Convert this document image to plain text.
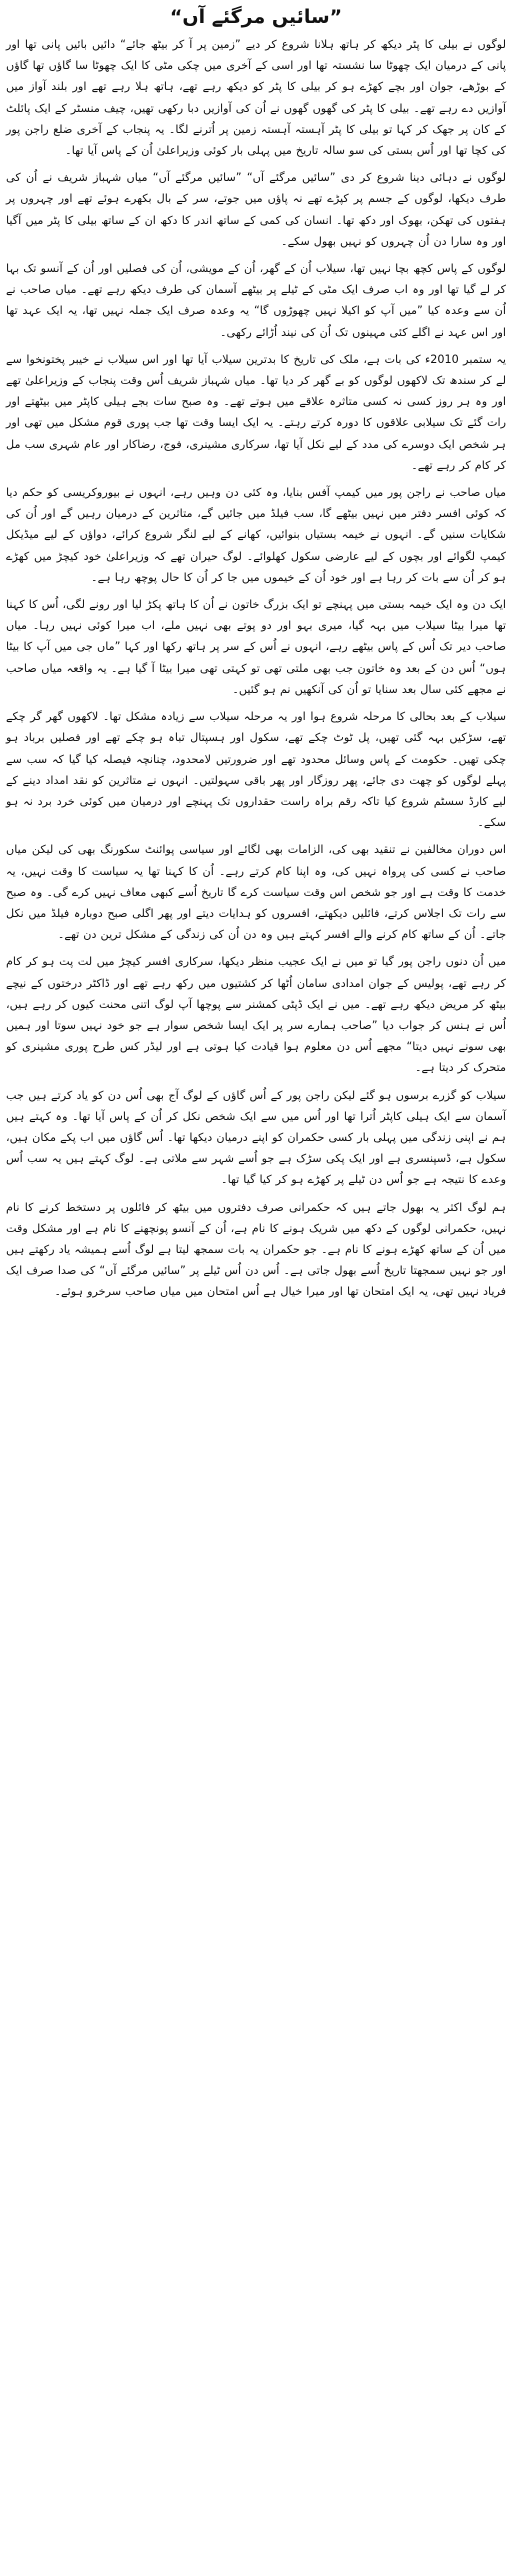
”سائیں مرگئے آں“

لوگوں نے بیلی کا پٹر دیکھ کر ہاتھ ہلانا شروع کر دیے ”زمین پر آ کر بیٹھ جائے“ دائیں بائیں پانی تھا اور پانی کے درمیان ایک چھوٹا سا نشستہ تھا اور اسی کے آخری میں چکی مٹی کا ایک چھوٹا سا گاؤں تھا گاؤں کے بوڑھے، جوان اور بچے کھڑے ہو کر بیلی کا پٹر کو دیکھ رہے تھے، ہاتھ ہلا رہے تھے اور بلند آواز میں آوازیں دے رہے تھے۔ بیلی کا پٹر کی گھوں گھوں نے اُن کی آوازیں دبا رکھی تھیں، چیف منسٹر کے ایک پائلٹ کے کان پر جھک کر کہا تو بیلی کا پٹر آہستہ آہستہ زمین پر اُترنے لگا۔ یہ پنجاب کے آخری ضلع راجن پور کی کچا تھا اور اُس بستی کی سو سالہ تاریخ میں پہلی بار کوئی وزیراعلیٰ اُن کے پاس آیا تھا۔

لوگوں نے دہائی دینا شروع کر دی ”سائیں مرگئے آں“ ”سائیں مرگئے آں“ میاں شہباز شریف نے اُن کی طرف دیکھا، لوگوں کے جسم پر کپڑے تھے نہ پاؤں میں جوتے، سر کے بال بکھرے ہوئے تھے اور چہروں پر ہفتوں کی تھکن، بھوک اور دکھ تھا۔ انسان کی کمی کے ساتھ اندر کا دکھ ان کے ساتھ بیلی کا پٹر میں آگیا اور وہ سارا دن اُن چہروں کو نہیں بھول سکے۔

لوگوں کے پاس کچھ بچا نہیں تھا، سیلاب اُن کے گھر، اُن کے مویشی، اُن کی فصلیں اور اُن کے آنسو تک بہا کر لے گیا تھا اور وہ اب صرف ایک مٹی کے ٹیلے پر بیٹھے آسمان کی طرف دیکھ رہے تھے۔ میاں صاحب نے اُن سے وعدہ کیا ”میں آپ کو اکیلا نہیں چھوڑوں گا“ یہ وعدہ صرف ایک جملہ نہیں تھا، یہ ایک عہد تھا اور اس عہد نے اگلے کئی مہینوں تک اُن کی نیند اُڑائے رکھی۔

یہ ستمبر 2010ء کی بات ہے، ملک کی تاریخ کا بدترین سیلاب آیا تھا اور اس سیلاب نے خیبر پختونخوا سے لے کر سندھ تک لاکھوں لوگوں کو بے گھر کر دیا تھا۔ میاں شہباز شریف اُس وقت پنجاب کے وزیراعلیٰ تھے اور وہ ہر روز کسی نہ کسی متاثرہ علاقے میں ہوتے تھے۔ وہ صبح سات بجے ہیلی کاپٹر میں بیٹھتے اور رات گئے تک سیلابی علاقوں کا دورہ کرتے رہتے۔ یہ ایک ایسا وقت تھا جب پوری قوم مشکل میں تھی اور ہر شخص ایک دوسرے کی مدد کے لیے نکل آیا تھا، سرکاری مشینری، فوج، رضاکار اور عام شہری سب مل کر کام کر رہے تھے۔

میاں صاحب نے راجن پور میں کیمپ آفس بنایا، وہ کئی دن وہیں رہے، انہوں نے بیوروکریسی کو حکم دیا کہ کوئی افسر دفتر میں نہیں بیٹھے گا، سب فیلڈ میں جائیں گے، متاثرین کے درمیان رہیں گے اور اُن کی شکایات سنیں گے۔ انہوں نے خیمہ بستیاں بنوائیں، کھانے کے لیے لنگر شروع کرائے، دواؤں کے لیے میڈیکل کیمپ لگوائے اور بچوں کے لیے عارضی سکول کھلوائے۔ لوگ حیران تھے کہ وزیراعلیٰ خود کیچڑ میں کھڑے ہو کر اُن سے بات کر رہا ہے اور خود اُن کے خیموں میں جا کر اُن کا حال پوچھ رہا ہے۔

ایک دن وہ ایک خیمہ بستی میں پہنچے تو ایک بزرگ خاتون نے اُن کا ہاتھ پکڑ لیا اور رونے لگی، اُس کا کہنا تھا میرا بیٹا سیلاب میں بہہ گیا، میری بہو اور دو پوتے بھی نہیں ملے، اب میرا کوئی نہیں رہا۔ میاں صاحب دیر تک اُس کے پاس بیٹھے رہے، انہوں نے اُس کے سر پر ہاتھ رکھا اور کہا ”ماں جی میں آپ کا بیٹا ہوں“ اُس دن کے بعد وہ خاتون جب بھی ملتی تھی تو کہتی تھی میرا بیٹا آ گیا ہے۔ یہ واقعہ میاں صاحب نے مجھے کئی سال بعد سنایا تو اُن کی آنکھیں نم ہو گئیں۔

سیلاب کے بعد بحالی کا مرحلہ شروع ہوا اور یہ مرحلہ سیلاب سے زیادہ مشکل تھا۔ لاکھوں گھر گر چکے تھے، سڑکیں بہہ گئی تھیں، پل ٹوٹ چکے تھے، سکول اور ہسپتال تباہ ہو چکے تھے اور فصلیں برباد ہو چکی تھیں۔ حکومت کے پاس وسائل محدود تھے اور ضرورتیں لامحدود، چنانچہ فیصلہ کیا گیا کہ سب سے پہلے لوگوں کو چھت دی جائے، پھر روزگار اور پھر باقی سہولتیں۔ انہوں نے متاثرین کو نقد امداد دینے کے لیے کارڈ سسٹم شروع کیا تاکہ رقم براہ راست حقداروں تک پہنچے اور درمیان میں کوئی خرد برد نہ ہو سکے۔

اس دوران مخالفین نے تنقید بھی کی، الزامات بھی لگائے اور سیاسی پوائنٹ سکورنگ بھی کی لیکن میاں صاحب نے کسی کی پرواہ نہیں کی، وہ اپنا کام کرتے رہے۔ اُن کا کہنا تھا یہ سیاست کا وقت نہیں، یہ خدمت کا وقت ہے اور جو شخص اس وقت سیاست کرے گا تاریخ اُسے کبھی معاف نہیں کرے گی۔ وہ صبح سے رات تک اجلاس کرتے، فائلیں دیکھتے، افسروں کو ہدایات دیتے اور پھر اگلی صبح دوبارہ فیلڈ میں نکل جاتے۔ اُن کے ساتھ کام کرنے والے افسر کہتے ہیں وہ دن اُن کی زندگی کے مشکل ترین دن تھے۔

میں اُن دنوں راجن پور گیا تو میں نے ایک عجیب منظر دیکھا، سرکاری افسر کیچڑ میں لت پت ہو کر کام کر رہے تھے، پولیس کے جوان امدادی سامان اُٹھا کر کشتیوں میں رکھ رہے تھے اور ڈاکٹر درختوں کے نیچے بیٹھ کر مریض دیکھ رہے تھے۔ میں نے ایک ڈپٹی کمشنر سے پوچھا آپ لوگ اتنی محنت کیوں کر رہے ہیں، اُس نے ہنس کر جواب دیا ”صاحب ہمارے سر پر ایک ایسا شخص سوار ہے جو خود نہیں سوتا اور ہمیں بھی سونے نہیں دیتا“ مجھے اُس دن معلوم ہوا قیادت کیا ہوتی ہے اور لیڈر کس طرح پوری مشینری کو متحرک کر دیتا ہے۔

سیلاب کو گزرے برسوں ہو گئے لیکن راجن پور کے اُس گاؤں کے لوگ آج بھی اُس دن کو یاد کرتے ہیں جب آسمان سے ایک ہیلی کاپٹر اُترا تھا اور اُس میں سے ایک شخص نکل کر اُن کے پاس آیا تھا۔ وہ کہتے ہیں ہم نے اپنی زندگی میں پہلی بار کسی حکمران کو اپنے درمیان دیکھا تھا۔ اُس گاؤں میں اب پکے مکان ہیں، سکول ہے، ڈسپنسری ہے اور ایک پکی سڑک ہے جو اُسے شہر سے ملاتی ہے۔ لوگ کہتے ہیں یہ سب اُس وعدے کا نتیجہ ہے جو اُس دن ٹیلے پر کھڑے ہو کر کیا گیا تھا۔

ہم لوگ اکثر یہ بھول جاتے ہیں کہ حکمرانی صرف دفتروں میں بیٹھ کر فائلوں پر دستخط کرنے کا نام نہیں، حکمرانی لوگوں کے دکھ میں شریک ہونے کا نام ہے، اُن کے آنسو پونچھنے کا نام ہے اور مشکل وقت میں اُن کے ساتھ کھڑے ہونے کا نام ہے۔ جو حکمران یہ بات سمجھ لیتا ہے لوگ اُسے ہمیشہ یاد رکھتے ہیں اور جو نہیں سمجھتا تاریخ اُسے بھول جاتی ہے۔ اُس دن اُس ٹیلے پر ”سائیں مرگئے آں“ کی صدا صرف ایک فریاد نہیں تھی، یہ ایک امتحان تھا اور میرا خیال ہے اُس امتحان میں میاں صاحب سرخرو ہوئے۔
